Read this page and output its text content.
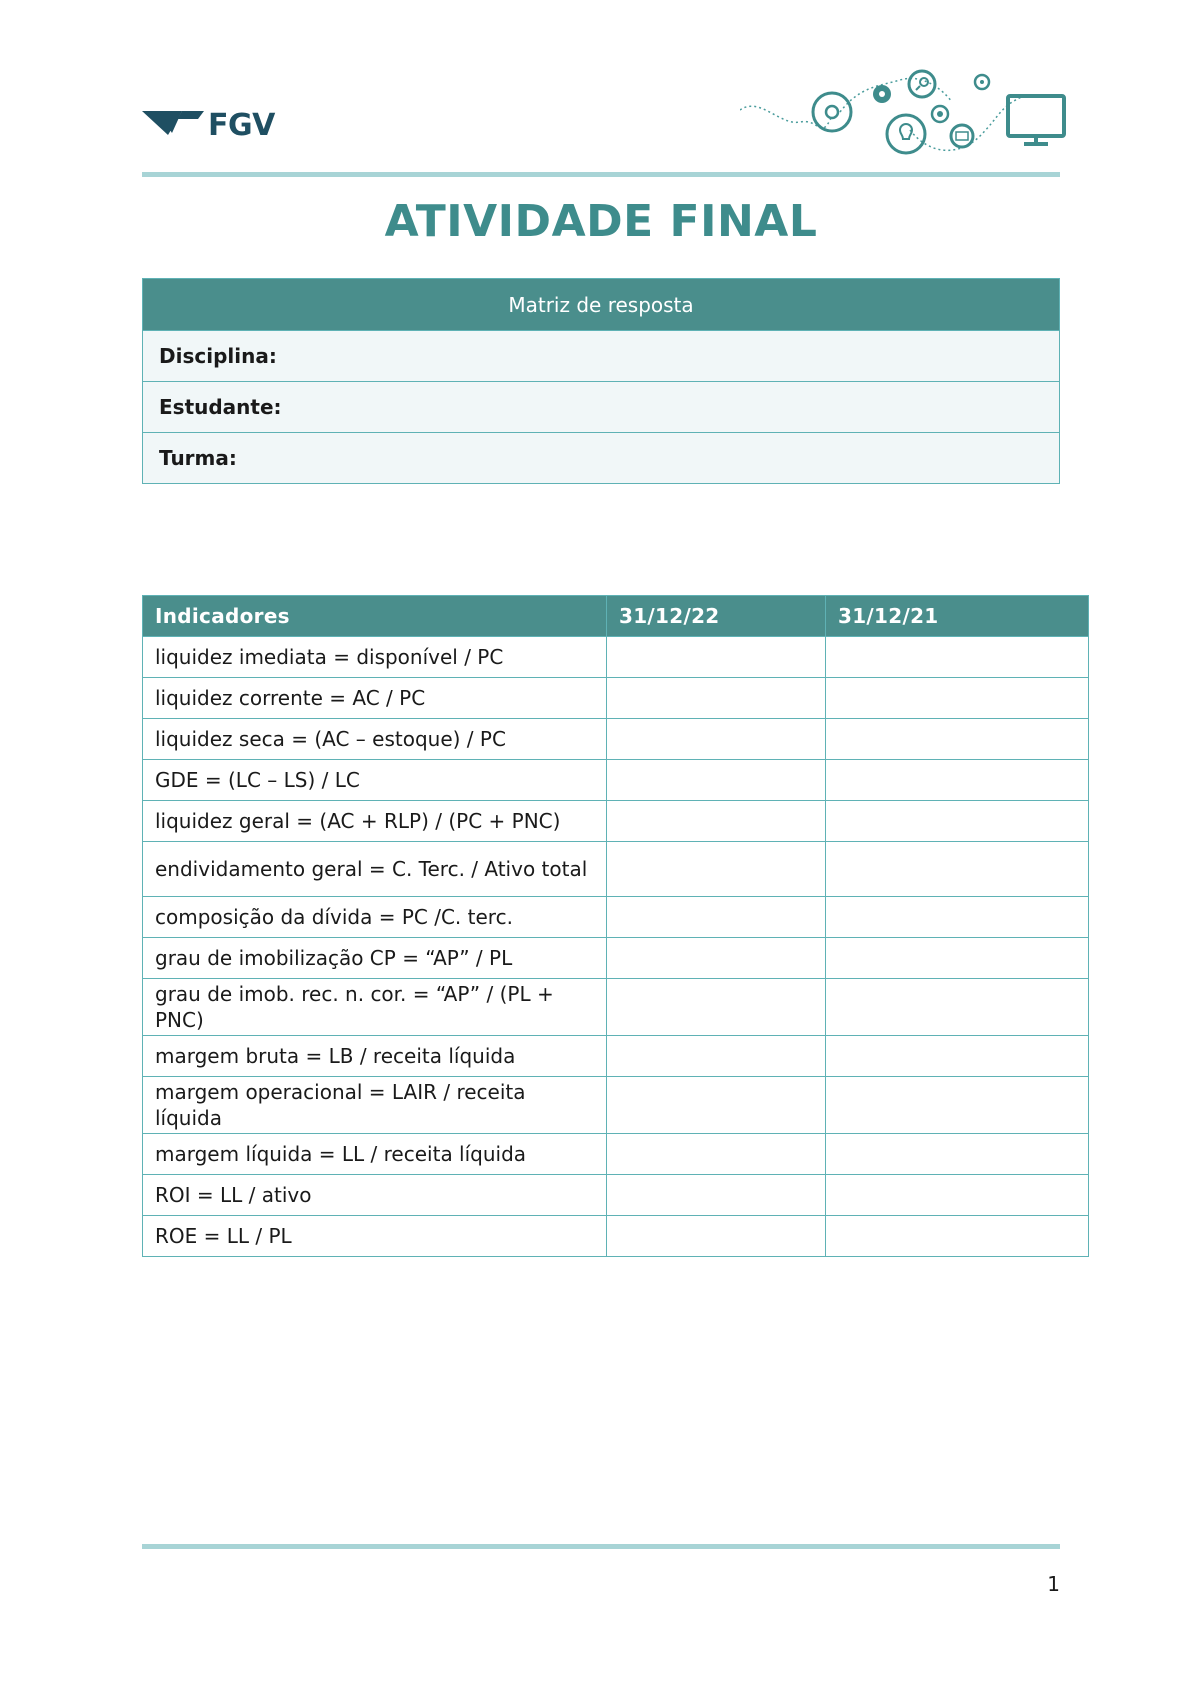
FGV
ATIVIDADE FINAL
Matriz de resposta
Disciplina:
Estudante:
Turma:
Indicadores	31/12/22	31/12/21
liquidez imediata = disponível / PC		
liquidez corrente = AC / PC		
liquidez seca = (AC – estoque) / PC		
GDE = (LC – LS) / LC		
liquidez geral = (AC + RLP) / (PC + PNC)		
endividamento geral = C. Terc. / Ativo total		
composição da dívida = PC /C. terc.		
grau de imobilização CP = “AP” / PL		
grau de imob. rec. n. cor. = “AP” / (PL + PNC)		
margem bruta = LB / receita líquida		
margem operacional = LAIR / receita líquida		
margem líquida = LL / receita líquida		
ROI = LL / ativo		
ROE = LL / PL		
1
